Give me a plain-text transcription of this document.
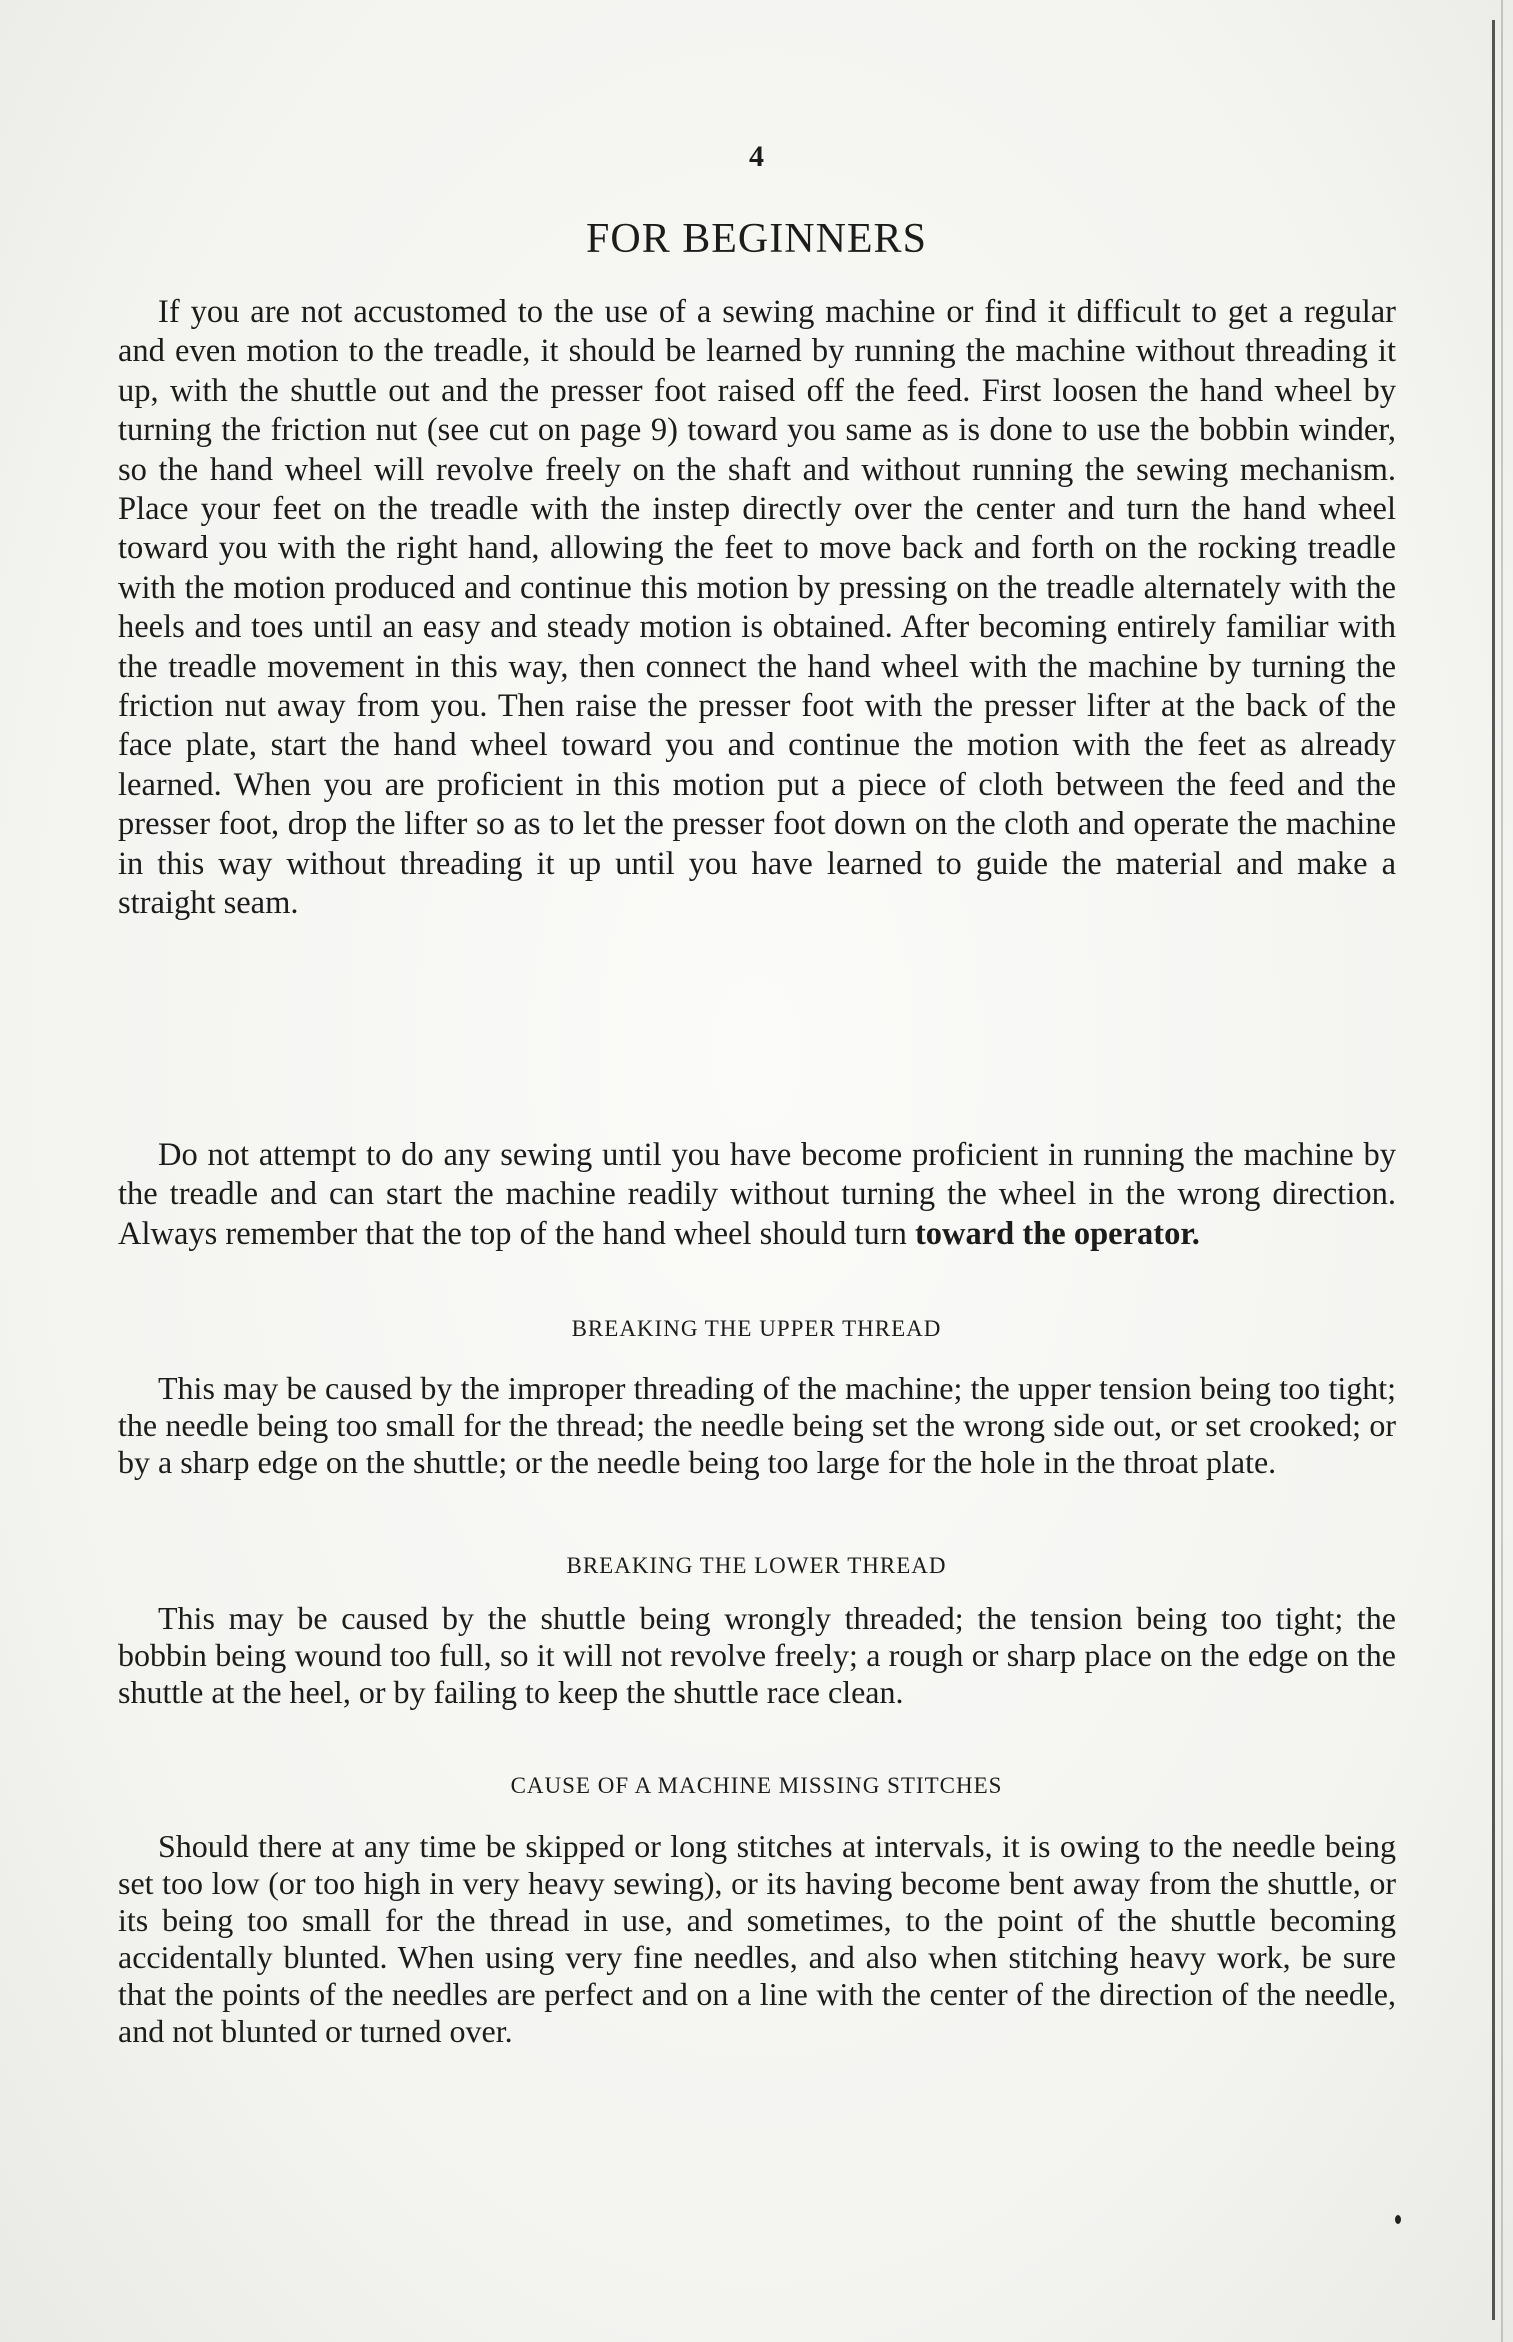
4
FOR BEGINNERS

If you are not accustomed to the use of a sewing machine or find it difficult to get a regular and even motion to the treadle, it should be learned by running the machine without threading it up, with the shuttle out and the presser foot raised off the feed. First loosen the hand wheel by turning the friction nut (see cut on page 9) toward you same as is done to use the bobbin winder, so the hand wheel will revolve freely on the shaft and without running the sewing mechanism. Place your feet on the treadle with the instep directly over the center and turn the hand wheel toward you with the right hand, allowing the feet to move back and forth on the rocking treadle with the motion produced and continue this motion by pressing on the treadle alternately with the heels and toes until an easy and steady motion is obtained. After becoming entirely familiar with the treadle movement in this way, then connect the hand wheel with the machine by turning the friction nut away from you. Then raise the presser foot with the presser lifter at the back of the face plate, start the hand wheel toward you and continue the motion with the feet as already learned. When you are proficient in this motion put a piece of cloth between the feed and the presser foot, drop the lifter so as to let the presser foot down on the cloth and operate the machine in this way without threading it up until you have learned to guide the material and make a straight seam.

Do not attempt to do any sewing until you have become proficient in running the machine by the treadle and can start the machine readily without turning the wheel in the wrong direction. Always remember that the top of the hand wheel should turn toward the operator.

BREAKING THE UPPER THREAD

This may be caused by the improper threading of the machine; the upper tension being too tight; the needle being too small for the thread; the needle being set the wrong side out, or set crooked; or by a sharp edge on the shuttle; or the needle being too large for the hole in the throat plate.

BREAKING THE LOWER THREAD

This may be caused by the shuttle being wrongly threaded; the tension being too tight; the bobbin being wound too full, so it will not revolve freely; a rough or sharp place on the edge on the shuttle at the heel, or by failing to keep the shuttle race clean.

CAUSE OF A MACHINE MISSING STITCHES

Should there at any time be skipped or long stitches at intervals, it is owing to the needle being set too low (or too high in very heavy sewing), or its having become bent away from the shuttle, or its being too small for the thread in use, and sometimes, to the point of the shuttle becoming accidentally blunted. When using very fine needles, and also when stitching heavy work, be sure that the points of the needles are perfect and on a line with the center of the direction of the needle, and not blunted or turned over.
